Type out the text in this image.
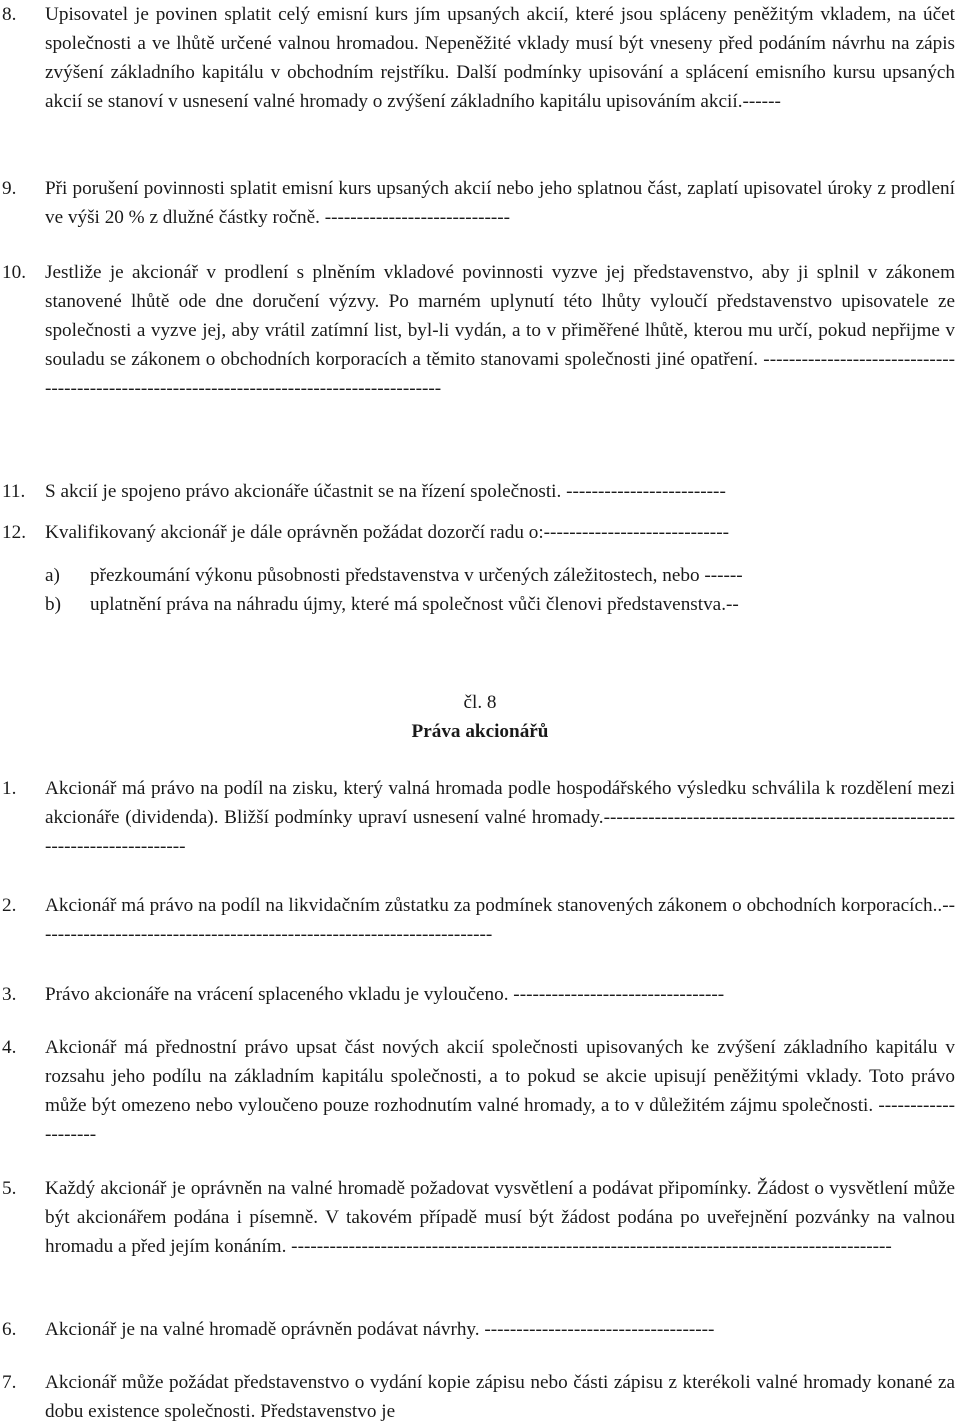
8. Upisovatel je povinen splatit celý emisní kurs jím upsaných akcií, které jsou spláceny peněžitým vkladem, na účet společnosti a ve lhůtě určené valnou hromadou. Nepeněžité vklady musí být vneseny před podáním návrhu na zápis zvýšení základního kapitálu v obchodním rejstříku. Další podmínky upisování a splácení emisního kursu upsaných akcií se stanoví v usnesení valné hromady o zvýšení základního kapitálu upisováním akcií.------
9. Při porušení povinnosti splatit emisní kurs upsaných akcií nebo jeho splatnou část, zaplatí upisovatel úroky z prodlení ve výši 20 % z dlužné částky ročně. -----------------------------
10. Jestliže je akcionář v prodlení s plněním vkladové povinnosti vyzve jej představenstvo, aby ji splnil v zákonem stanovené lhůtě ode dne doručení výzvy. Po marném uplynutí této lhůty vyloučí představenstvo upisovatele ze společnosti a vyzve jej, aby vrátil zatímní list, byl-li vydán, a to v přiměřené lhůtě, kterou mu určí, pokud nepřijme v souladu se zákonem o obchodních korporacích a těmito stanovami společnosti jiné opatření. --------------------------------------------------------------------------------------------
11. S akcií je spojeno právo akcionáře účastnit se na řízení společnosti. -------------------------
12. Kvalifikovaný akcionář je dále oprávněn požádat dozorčí radu o:-----------------------------
a) přezkoumání výkonu působnosti představenstva v určených záležitostech, nebo ------
b) uplatnění práva na náhradu újmy, které má společnost vůči členovi představenstva.--
čl. 8
Práva akcionářů
1. Akcionář má právo na podíl na zisku, který valná hromada podle hospodářského výsledku schválila k rozdělení mezi akcionáře (dividenda). Bližší podmínky upraví usnesení valné hromady.-----------------------------------------------------------------------------
2. Akcionář má právo na podíl na likvidačním zůstatku za podmínek stanovených zákonem o obchodních korporacích..------------------------------------------------------------------------
3. Právo akcionáře na vrácení splaceného vkladu je vyloučeno. ---------------------------------
4. Akcionář má přednostní právo upsat část nových akcií společnosti upisovaných ke zvýšení základního kapitálu v rozsahu jeho podílu na základním kapitálu společnosti, a to pokud se akcie upisují peněžitými vklady. Toto právo může být omezeno nebo vyloučeno pouze rozhodnutím valné hromady, a to v důležitém zájmu společnosti. --------------------
5. Každý akcionář je oprávněn na valné hromadě požadovat vysvětlení a podávat připomínky. Žádost o vysvětlení může být akcionářem podána i písemně. V takovém případě musí být žádost podána po uveřejnění pozvánky na valnou hromadu a před jejím konáním. ----------------------------------------------------------------------------------------------
6. Akcionář je na valné hromadě oprávněn podávat návrhy. ------------------------------------
7. Akcionář může požádat představenstvo o vydání kopie zápisu nebo části zápisu z kterékoli valné hromady konané za dobu existence společnosti. Představenstvo je
